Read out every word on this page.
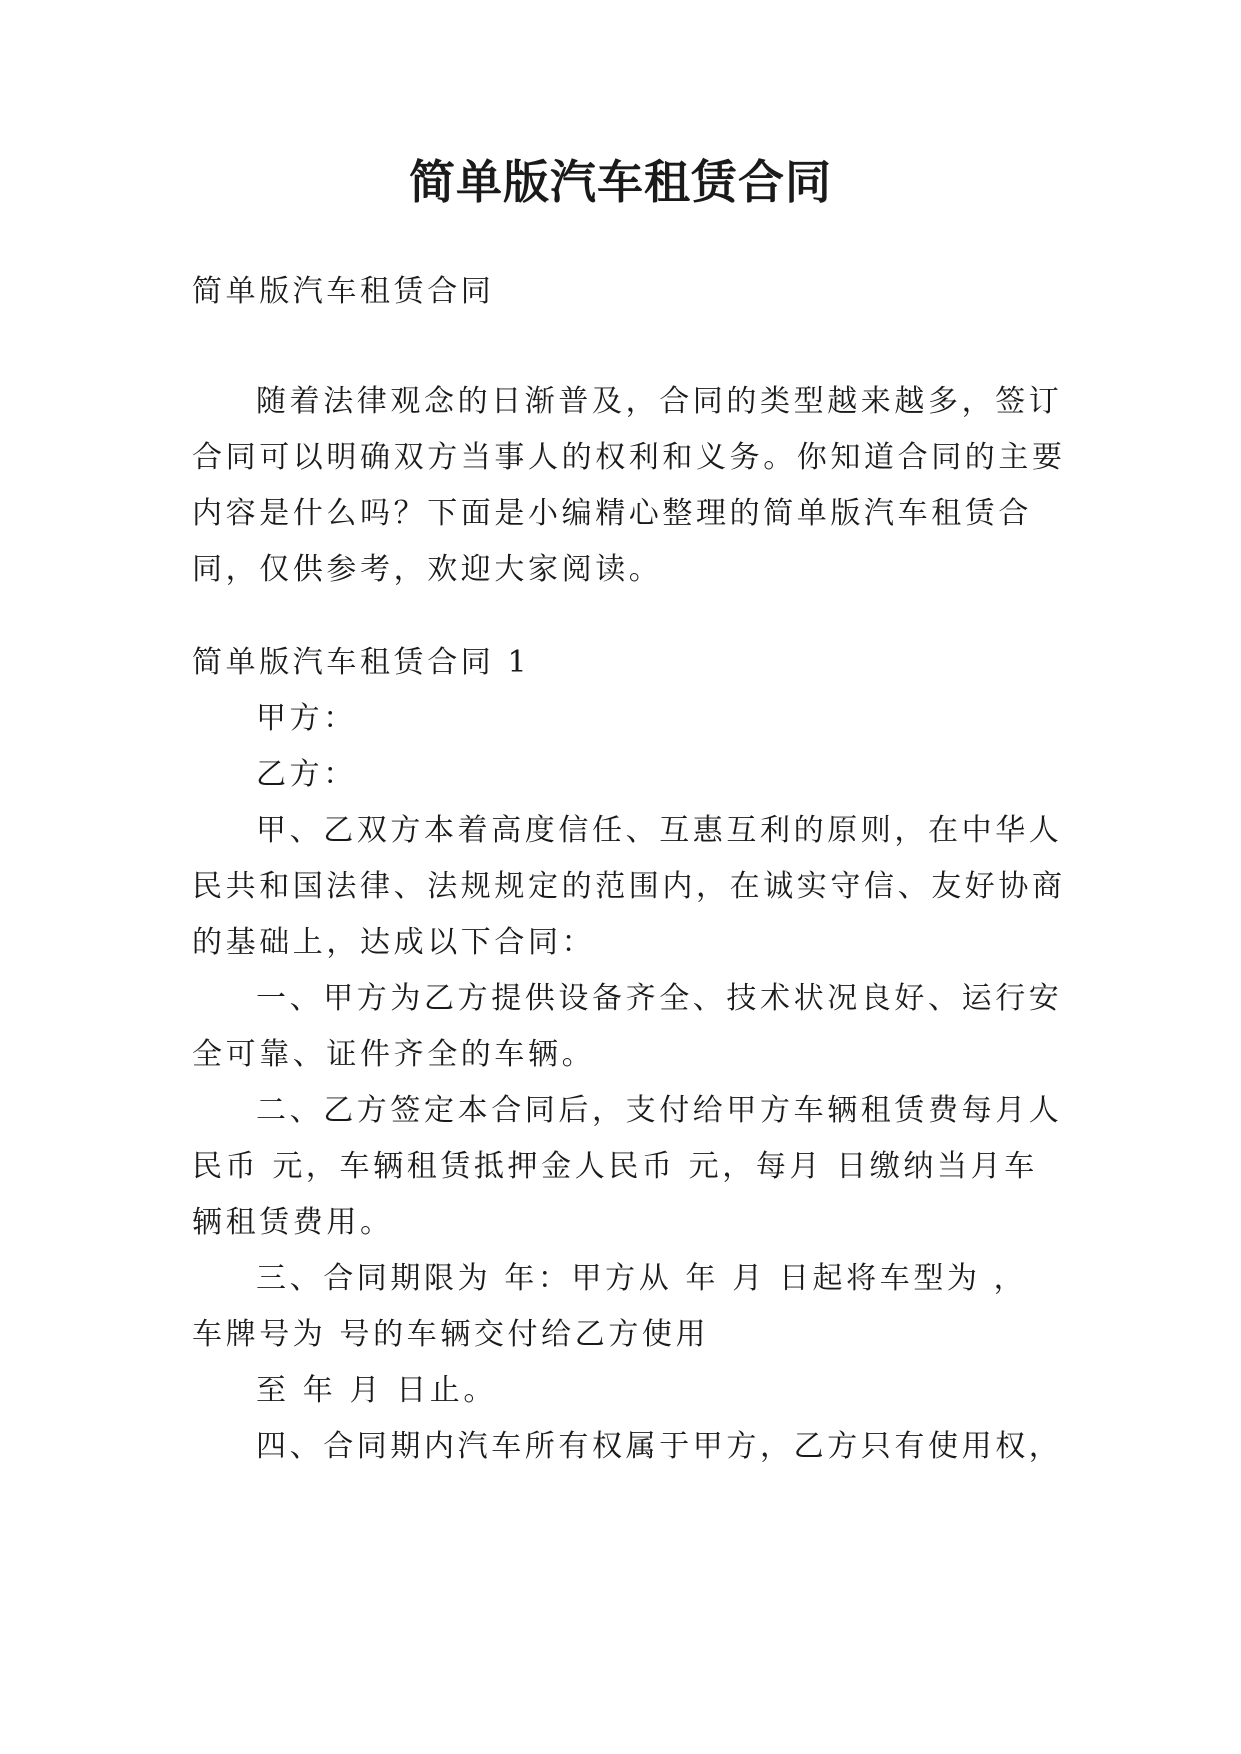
简单版汽车租赁合同

简单版汽车租赁合同

随着法律观念的日渐普及，合同的类型越来越多，签订

合同可以明确双方当事人的权利和义务。你知道合同的主要

内容是什么吗？下面是小编精心整理的简单版汽车租赁合

同，仅供参考，欢迎大家阅读。

简单版汽车租赁合同 1

甲方：

乙方：

甲、乙双方本着高度信任、互惠互利的原则，在中华人

民共和国法律、法规规定的范围内，在诚实守信、友好协商

的基础上，达成以下合同：

一、甲方为乙方提供设备齐全、技术状况良好、运行安

全可靠、证件齐全的车辆。

二、乙方签定本合同后，支付给甲方车辆租赁费每月人

民币 元，车辆租赁抵押金人民币 元，每月 日缴纳当月车

辆租赁费用。

三、合同期限为 年：甲方从 年 月 日起将车型为 ，

车牌号为 号的车辆交付给乙方使用

至 年 月 日止。

四、合同期内汽车所有权属于甲方，乙方只有使用权，
